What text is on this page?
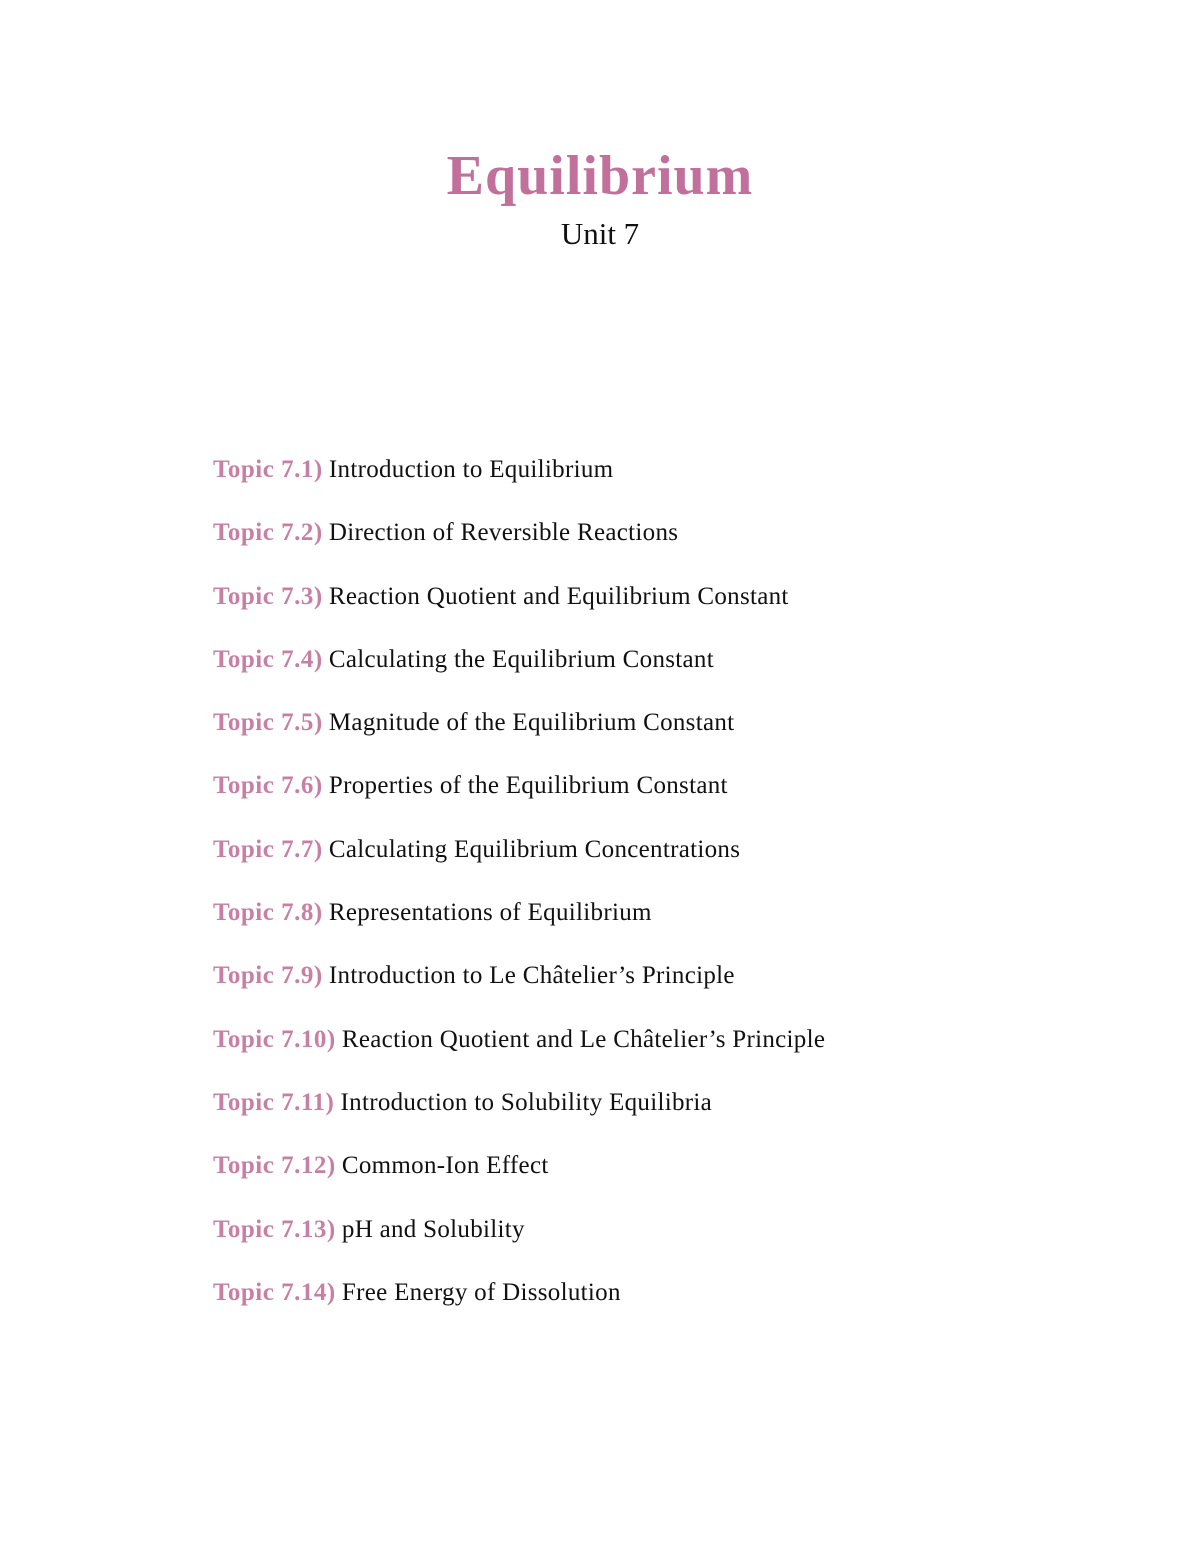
Equilibrium
Unit 7
Topic 7.1) Introduction to Equilibrium
Topic 7.2) Direction of Reversible Reactions
Topic 7.3) Reaction Quotient and Equilibrium Constant
Topic 7.4) Calculating the Equilibrium Constant
Topic 7.5) Magnitude of the Equilibrium Constant
Topic 7.6) Properties of the Equilibrium Constant
Topic 7.7) Calculating Equilibrium Concentrations
Topic 7.8) Representations of Equilibrium
Topic 7.9) Introduction to Le Châtelier’s Principle
Topic 7.10) Reaction Quotient and Le Châtelier’s Principle
Topic 7.11) Introduction to Solubility Equilibria
Topic 7.12) Common-Ion Effect
Topic 7.13) pH and Solubility
Topic 7.14) Free Energy of Dissolution
